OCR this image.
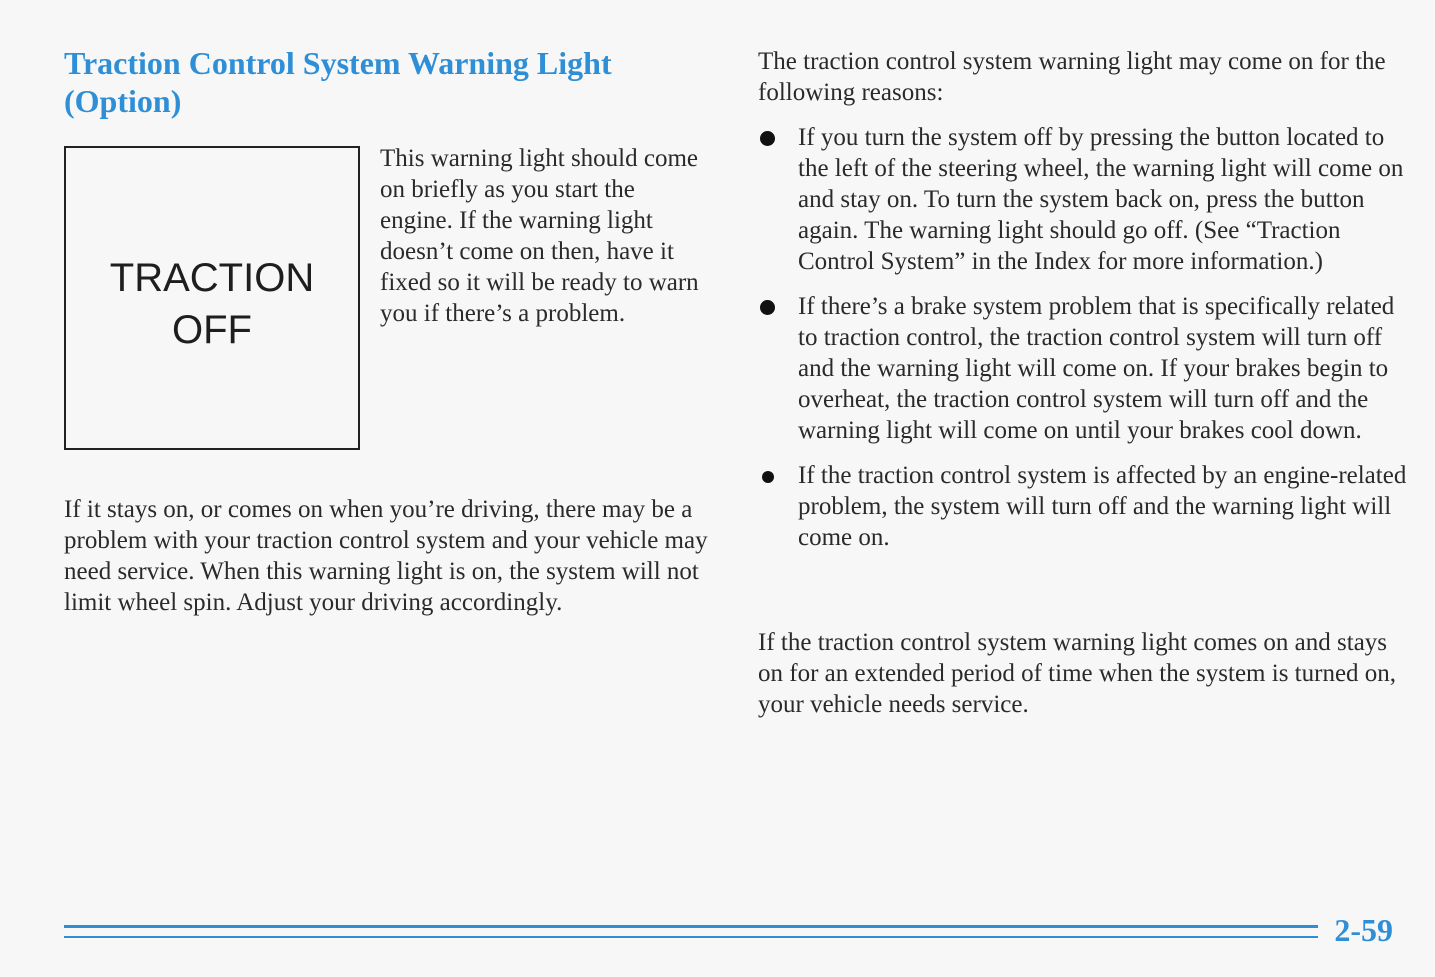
Traction Control System Warning Light
(Option)
TRACTION
OFF

This warning light should come on briefly as you start the engine. If the warning light doesn’t come on then, have it fixed so it will be ready to warn you if there’s a problem.

If it stays on, or comes on when you’re driving, there may be a problem with your traction control system and your vehicle may need service. When this warning light is on, the system will not limit wheel spin. Adjust your driving accordingly.

The traction control system warning light may come on for the following reasons:

If you turn the system off by pressing the button located to the left of the steering wheel, the warning light will come on and stay on. To turn the system back on, press the button again. The warning light should go off. (See “Traction Control System” in the Index for more information.)
If there’s a brake system problem that is specifically related to traction control, the traction control system will turn off and the warning light will come on. If your brakes begin to overheat, the traction control system will turn off and the warning light will come on until your brakes cool down.
If the traction control system is affected by an engine-related problem, the system will turn off and the warning light will come on.

If the traction control system warning light comes on and stays on for an extended period of time when the system is turned on, your vehicle needs service.

2-59
